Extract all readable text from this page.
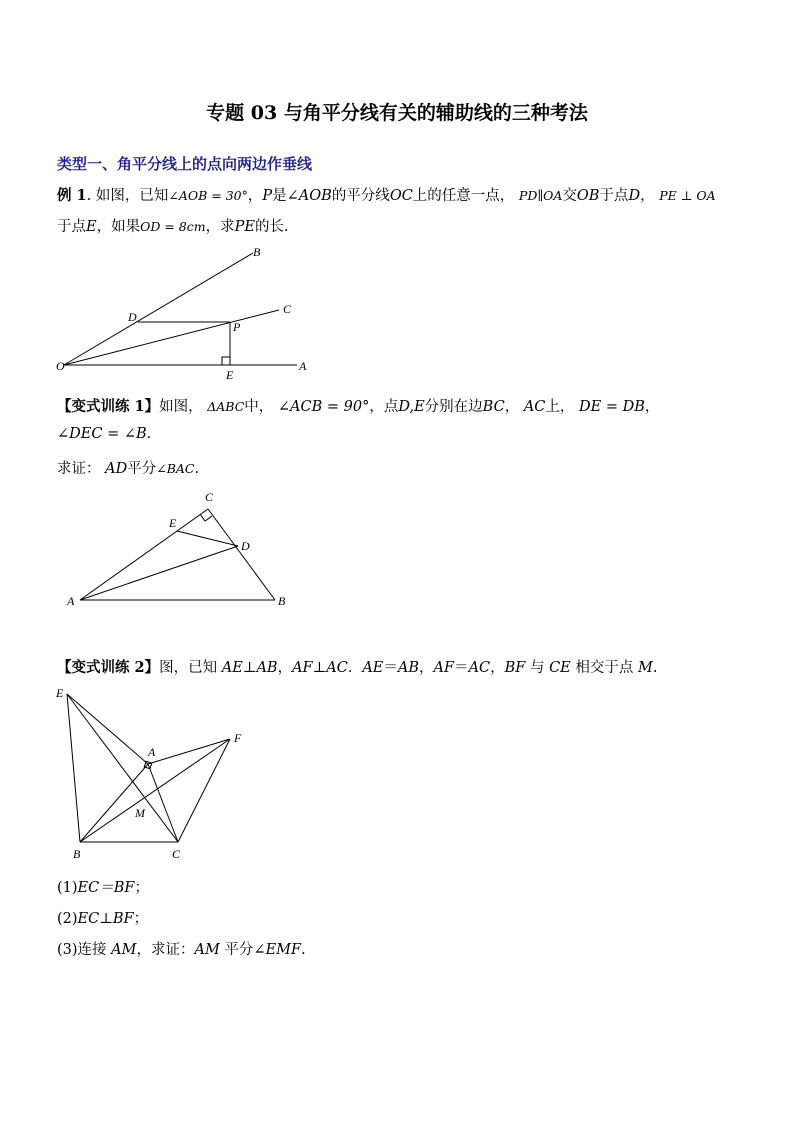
专题 03 与角平分线有关的辅助线的三种考法
类型一、角平分线上的点向两边作垂线
例 1. 如图，已知∠AOB = 30°，P是∠AOB的平分线OC上的任意一点， PD∥OA交OB于点D， PE ⊥ OA
于点E，如果OD = 8cm，求PE的长.
B
C
D
P
O
E
A
【变式训练 1】如图， ΔABC中， ∠ACB = 90°，点D,E分别在边BC， AC上， DE = DB，
∠DEC = ∠B.
求证： AD平分∠BAC.
C
E
D
A	B
【变式训练 2】图，已知 AE⊥AB，AF⊥AC．AE＝AB，AF＝AC，BF 与 CE 相交于点 M.
E
A
F
M
B	C
(1)EC＝BF；
(2)EC⊥BF；
(3)连接 AM，求证：AM 平分∠EMF.
